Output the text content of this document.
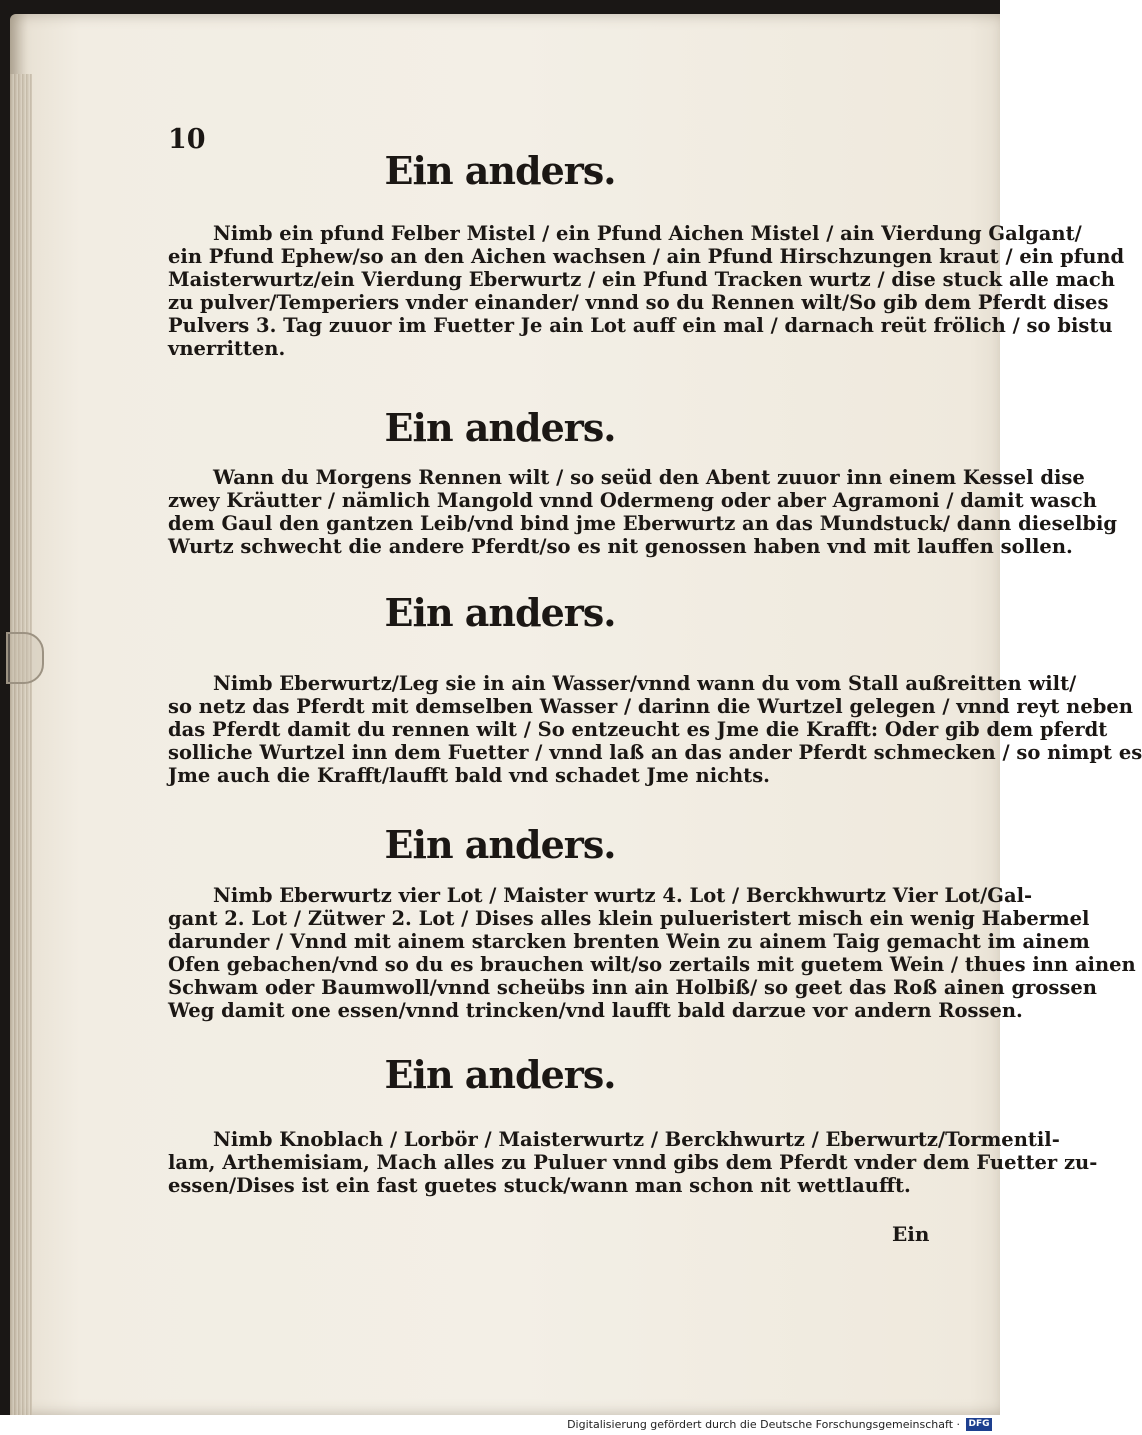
10
Ein anders.
Nimb ein pfund Felber Mistel / ein Pfund Aichen Mistel / ain Vierdung Galgant/
ein Pfund Ephew/so an den Aichen wachsen / ain Pfund Hirschzungen kraut / ein pfund
Maisterwurtz/ein Vierdung Eberwurtz / ein Pfund Tracken wurtz / dise stuck alle mach
zu pulver/Temperiers vnder einander/ vnnd so du Rennen wilt/So gib dem Pferdt dises
Pulvers 3. Tag zuuor im Fuetter Je ain Lot auff ein mal / darnach reüt frölich / so bistu
vnerritten.
Ein anders.
Wann du Morgens Rennen wilt / so seüd den Abent zuuor inn einem Kessel dise
zwey Kräutter / nämlich Mangold vnnd Odermeng oder aber Agramoni / damit wasch
dem Gaul den gantzen Leib/vnd bind jme Eberwurtz an das Mundstuck/ dann dieselbig
Wurtz schwecht die andere Pferdt/so es nit genossen haben vnd mit lauffen sollen.
Ein anders.
Nimb Eberwurtz/Leg sie in ain Wasser/vnnd wann du vom Stall außreitten wilt/
so netz das Pferdt mit demselben Wasser / darinn die Wurtzel gelegen / vnnd reyt neben
das Pferdt damit du rennen wilt / So entzeucht es Jme die Krafft: Oder gib dem pferdt
solliche Wurtzel inn dem Fuetter / vnnd laß an das ander Pferdt schmecken / so nimpt es
Jme auch die Krafft/laufft bald vnd schadet Jme nichts.
Ein anders.
Nimb Eberwurtz vier Lot / Maister wurtz 4. Lot / Berckhwurtz Vier Lot/Gal-
gant 2. Lot / Zütwer 2. Lot / Dises alles klein pulueristert misch ein wenig Habermel
darunder / Vnnd mit ainem starcken brenten Wein zu ainem Taig gemacht im ainem
Ofen gebachen/vnd so du es brauchen wilt/so zertails mit guetem Wein / thues inn ainen
Schwam oder Baumwoll/vnnd scheübs inn ain Holbiß/ so geet das Roß ainen grossen
Weg damit one essen/vnnd trincken/vnd laufft bald darzue vor andern Rossen.
Ein anders.
Nimb Knoblach / Lorbör / Maisterwurtz / Berckhwurtz / Eberwurtz/Tormentil-
lam, Arthemisiam, Mach alles zu Puluer vnnd gibs dem Pferdt vnder dem Fuetter zu-
essen/Dises ist ein fast guetes stuck/wann man schon nit wettlaufft.
Ein
Digitalisierung gefördert durch die Deutsche Forschungsgemeinschaft · DFG
